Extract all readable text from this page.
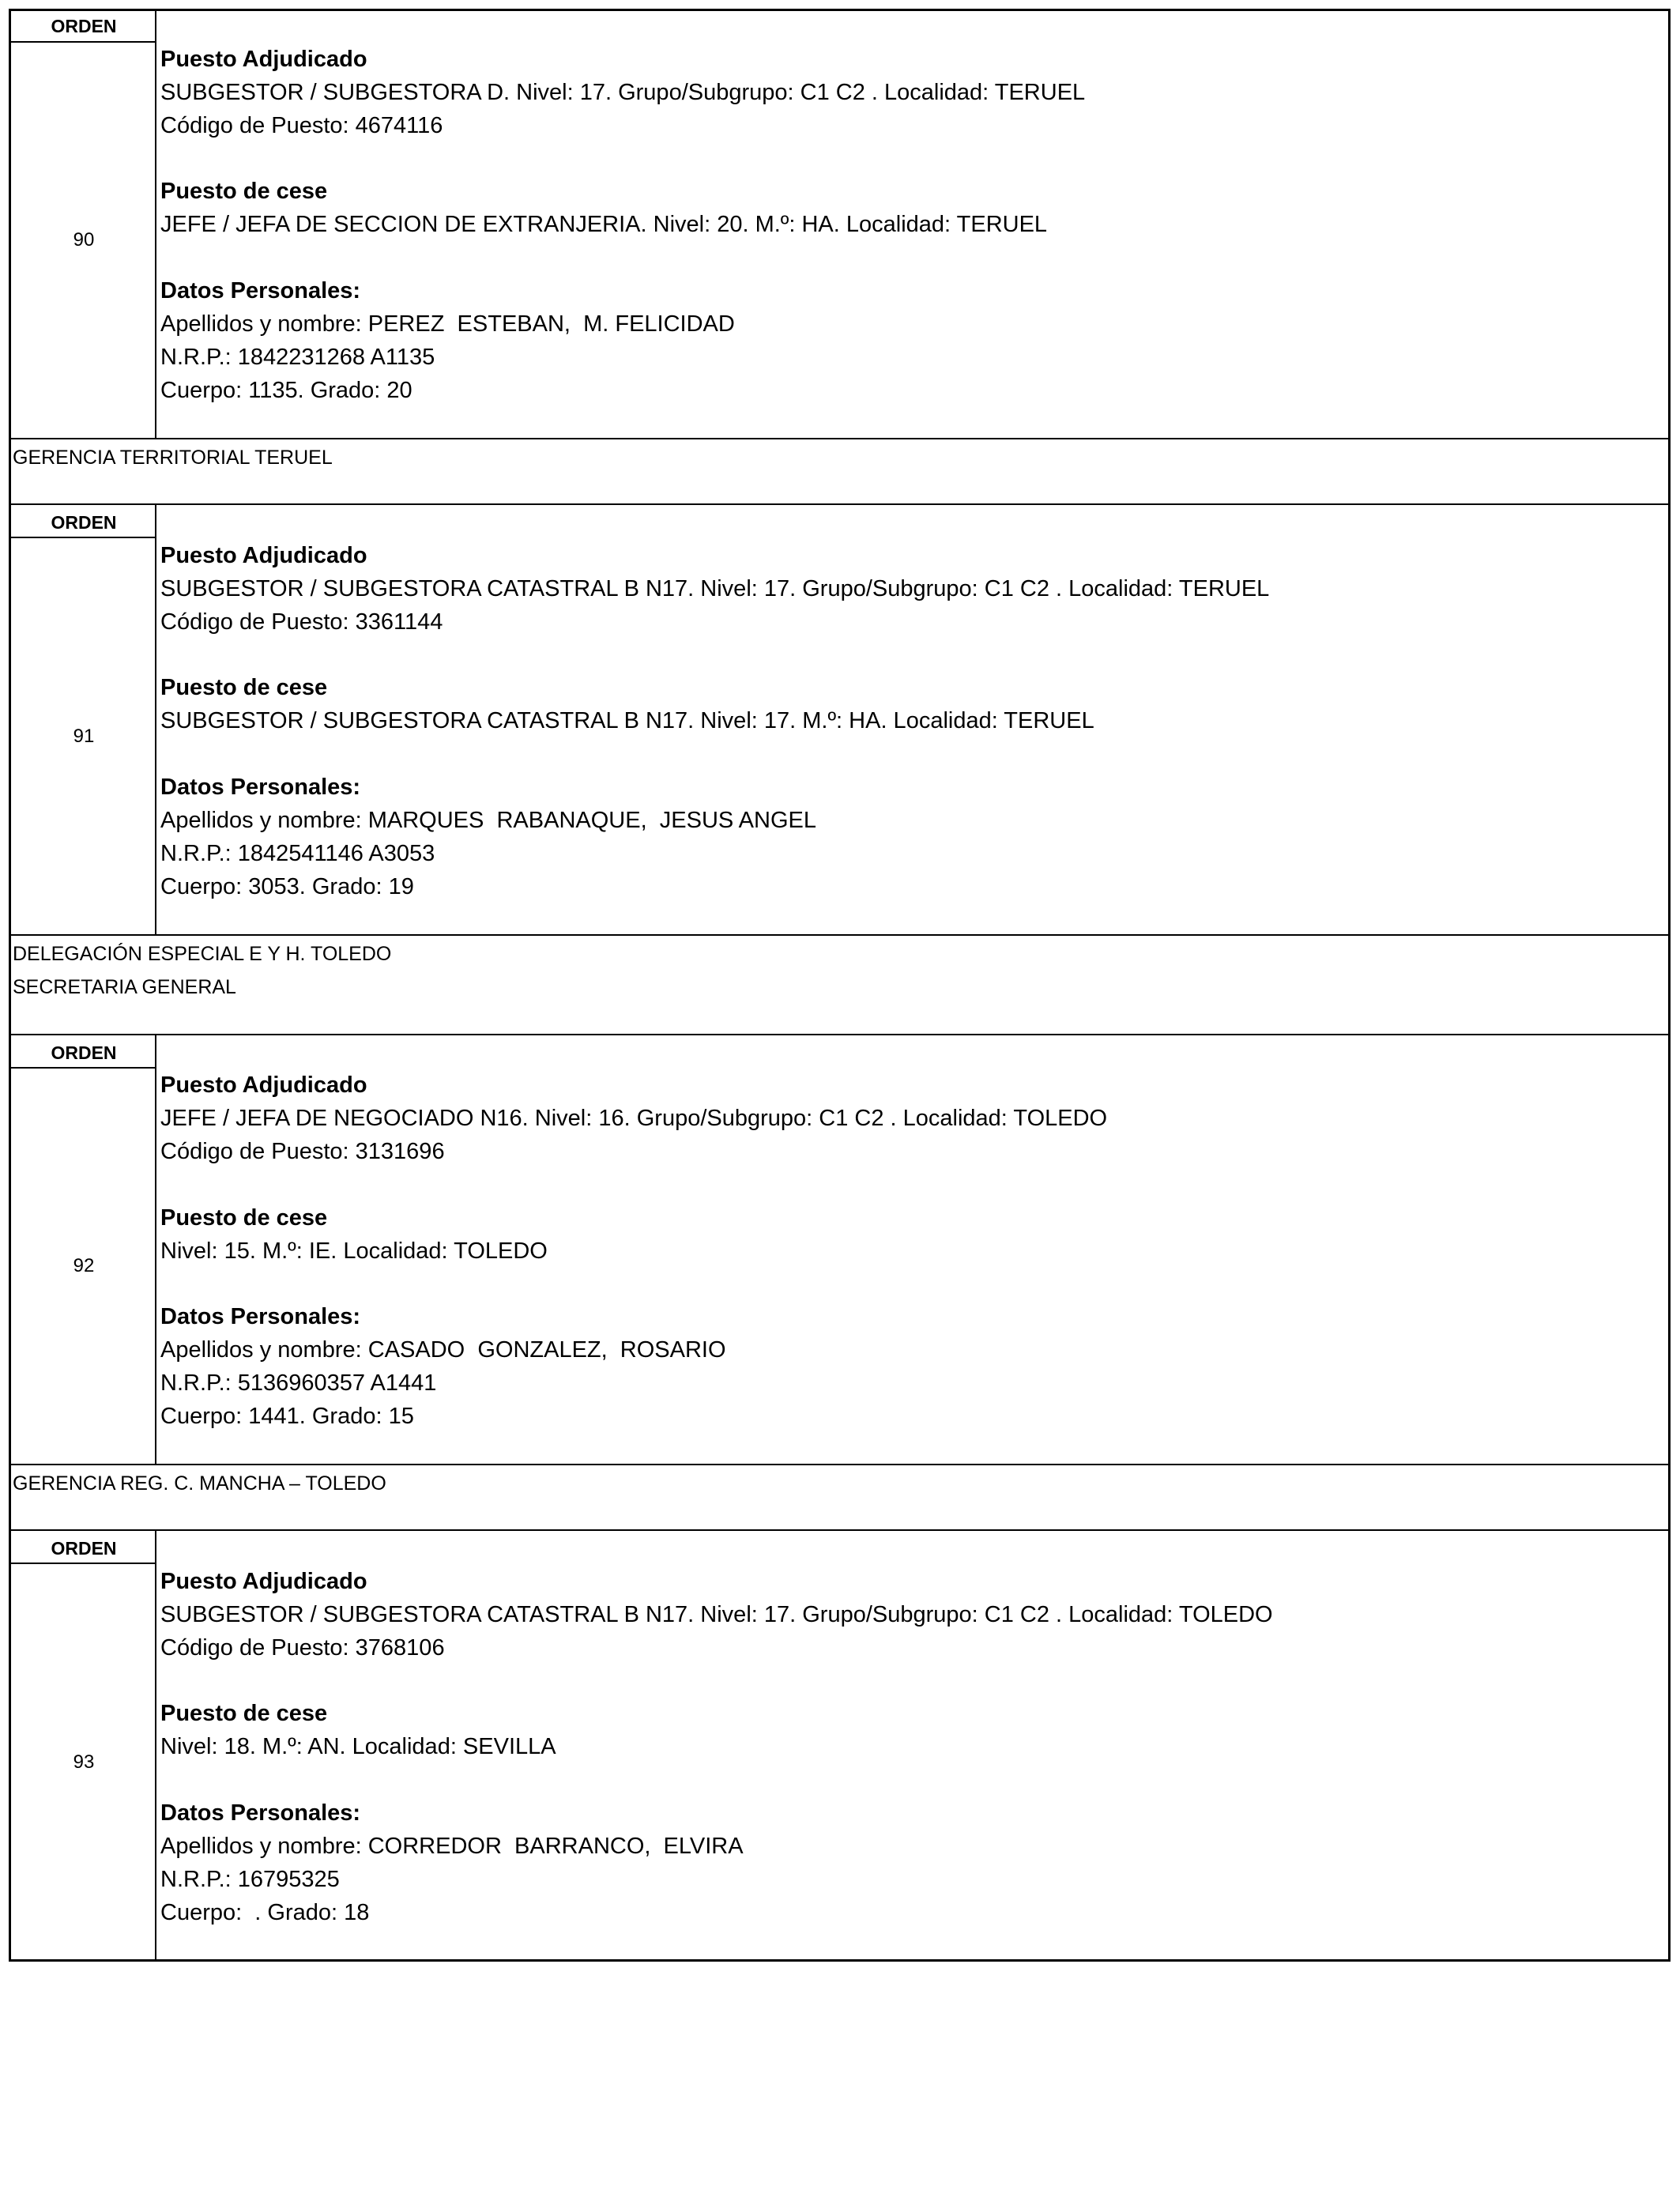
ORDEN
90
Puesto Adjudicado
SUBGESTOR / SUBGESTORA D. Nivel: 17. Grupo/Subgrupo: C1 C2 . Localidad: TERUEL
Código de Puesto: 4674116
Puesto de cese
JEFE / JEFA DE SECCION DE EXTRANJERIA. Nivel: 20. M.º: HA. Localidad: TERUEL
Datos Personales:
Apellidos y nombre: PEREZ  ESTEBAN,  M. FELICIDAD
N.R.P.: 1842231268 A1135
Cuerpo: 1135. Grado: 20
GERENCIA TERRITORIAL TERUEL
ORDEN
91
Puesto Adjudicado
SUBGESTOR / SUBGESTORA CATASTRAL B N17. Nivel: 17. Grupo/Subgrupo: C1 C2 . Localidad: TERUEL
Código de Puesto: 3361144
Puesto de cese
SUBGESTOR / SUBGESTORA CATASTRAL B N17. Nivel: 17. M.º: HA. Localidad: TERUEL
Datos Personales:
Apellidos y nombre: MARQUES  RABANAQUE,  JESUS ANGEL
N.R.P.: 1842541146 A3053
Cuerpo: 3053. Grado: 19
DELEGACIÓN ESPECIAL E Y H. TOLEDO
SECRETARIA GENERAL
ORDEN
92
Puesto Adjudicado
JEFE / JEFA DE NEGOCIADO N16. Nivel: 16. Grupo/Subgrupo: C1 C2 . Localidad: TOLEDO
Código de Puesto: 3131696
Puesto de cese
Nivel: 15. M.º: IE. Localidad: TOLEDO
Datos Personales:
Apellidos y nombre: CASADO  GONZALEZ,  ROSARIO
N.R.P.: 5136960357 A1441
Cuerpo: 1441. Grado: 15
GERENCIA REG. C. MANCHA – TOLEDO
ORDEN
93
Puesto Adjudicado
SUBGESTOR / SUBGESTORA CATASTRAL B N17. Nivel: 17. Grupo/Subgrupo: C1 C2 . Localidad: TOLEDO
Código de Puesto: 3768106
Puesto de cese
Nivel: 18. M.º: AN. Localidad: SEVILLA
Datos Personales:
Apellidos y nombre: CORREDOR  BARRANCO,  ELVIRA
N.R.P.: 16795325
Cuerpo:  . Grado: 18
